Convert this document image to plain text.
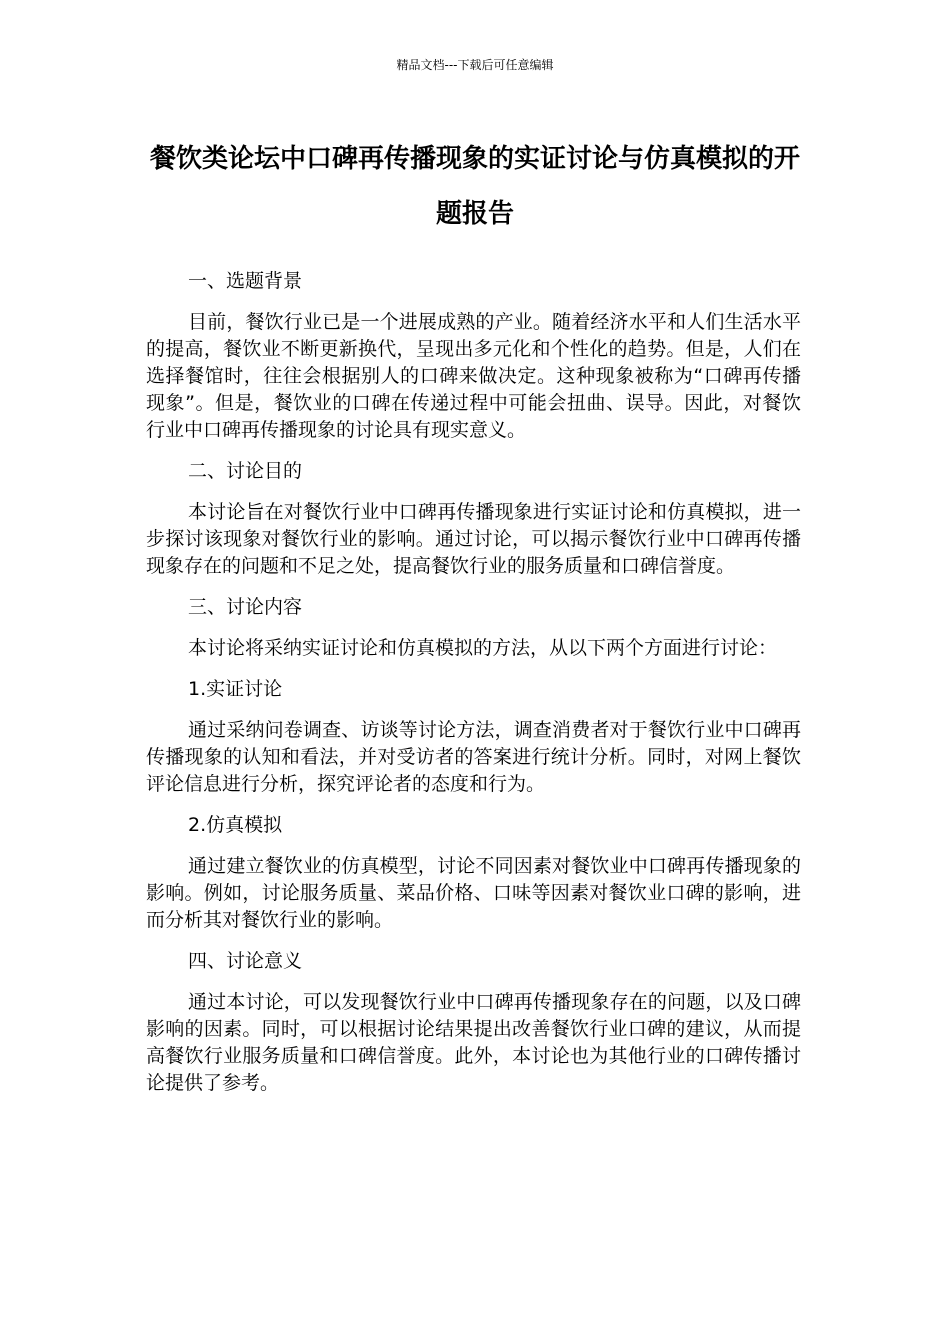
精品文档---下载后可任意编辑
餐饮类论坛中口碑再传播现象的实证讨论与仿真模拟的开题报告

一、选题背景

目前，餐饮行业已是一个进展成熟的产业。随着经济水平和人们生活水平的提高，餐饮业不断更新换代，呈现出多元化和个性化的趋势。但是，人们在选择餐馆时，往往会根据别人的口碑来做决定。这种现象被称为“口碑再传播现象”。但是，餐饮业的口碑在传递过程中可能会扭曲、误导。因此，对餐饮行业中口碑再传播现象的讨论具有现实意义。

二、讨论目的

本讨论旨在对餐饮行业中口碑再传播现象进行实证讨论和仿真模拟，进一步探讨该现象对餐饮行业的影响。通过讨论，可以揭示餐饮行业中口碑再传播现象存在的问题和不足之处，提高餐饮行业的服务质量和口碑信誉度。

三、讨论内容

本讨论将采纳实证讨论和仿真模拟的方法，从以下两个方面进行讨论：

1.实证讨论

通过采纳问卷调查、访谈等讨论方法，调查消费者对于餐饮行业中口碑再传播现象的认知和看法，并对受访者的答案进行统计分析。同时，对网上餐饮评论信息进行分析，探究评论者的态度和行为。

2.仿真模拟

通过建立餐饮业的仿真模型，讨论不同因素对餐饮业中口碑再传播现象的影响。例如，讨论服务质量、菜品价格、口味等因素对餐饮业口碑的影响，进而分析其对餐饮行业的影响。

四、讨论意义

通过本讨论，可以发现餐饮行业中口碑再传播现象存在的问题，以及口碑影响的因素。同时，可以根据讨论结果提出改善餐饮行业口碑的建议，从而提高餐饮行业服务质量和口碑信誉度。此外，本讨论也为其他行业的口碑传播讨论提供了参考。
